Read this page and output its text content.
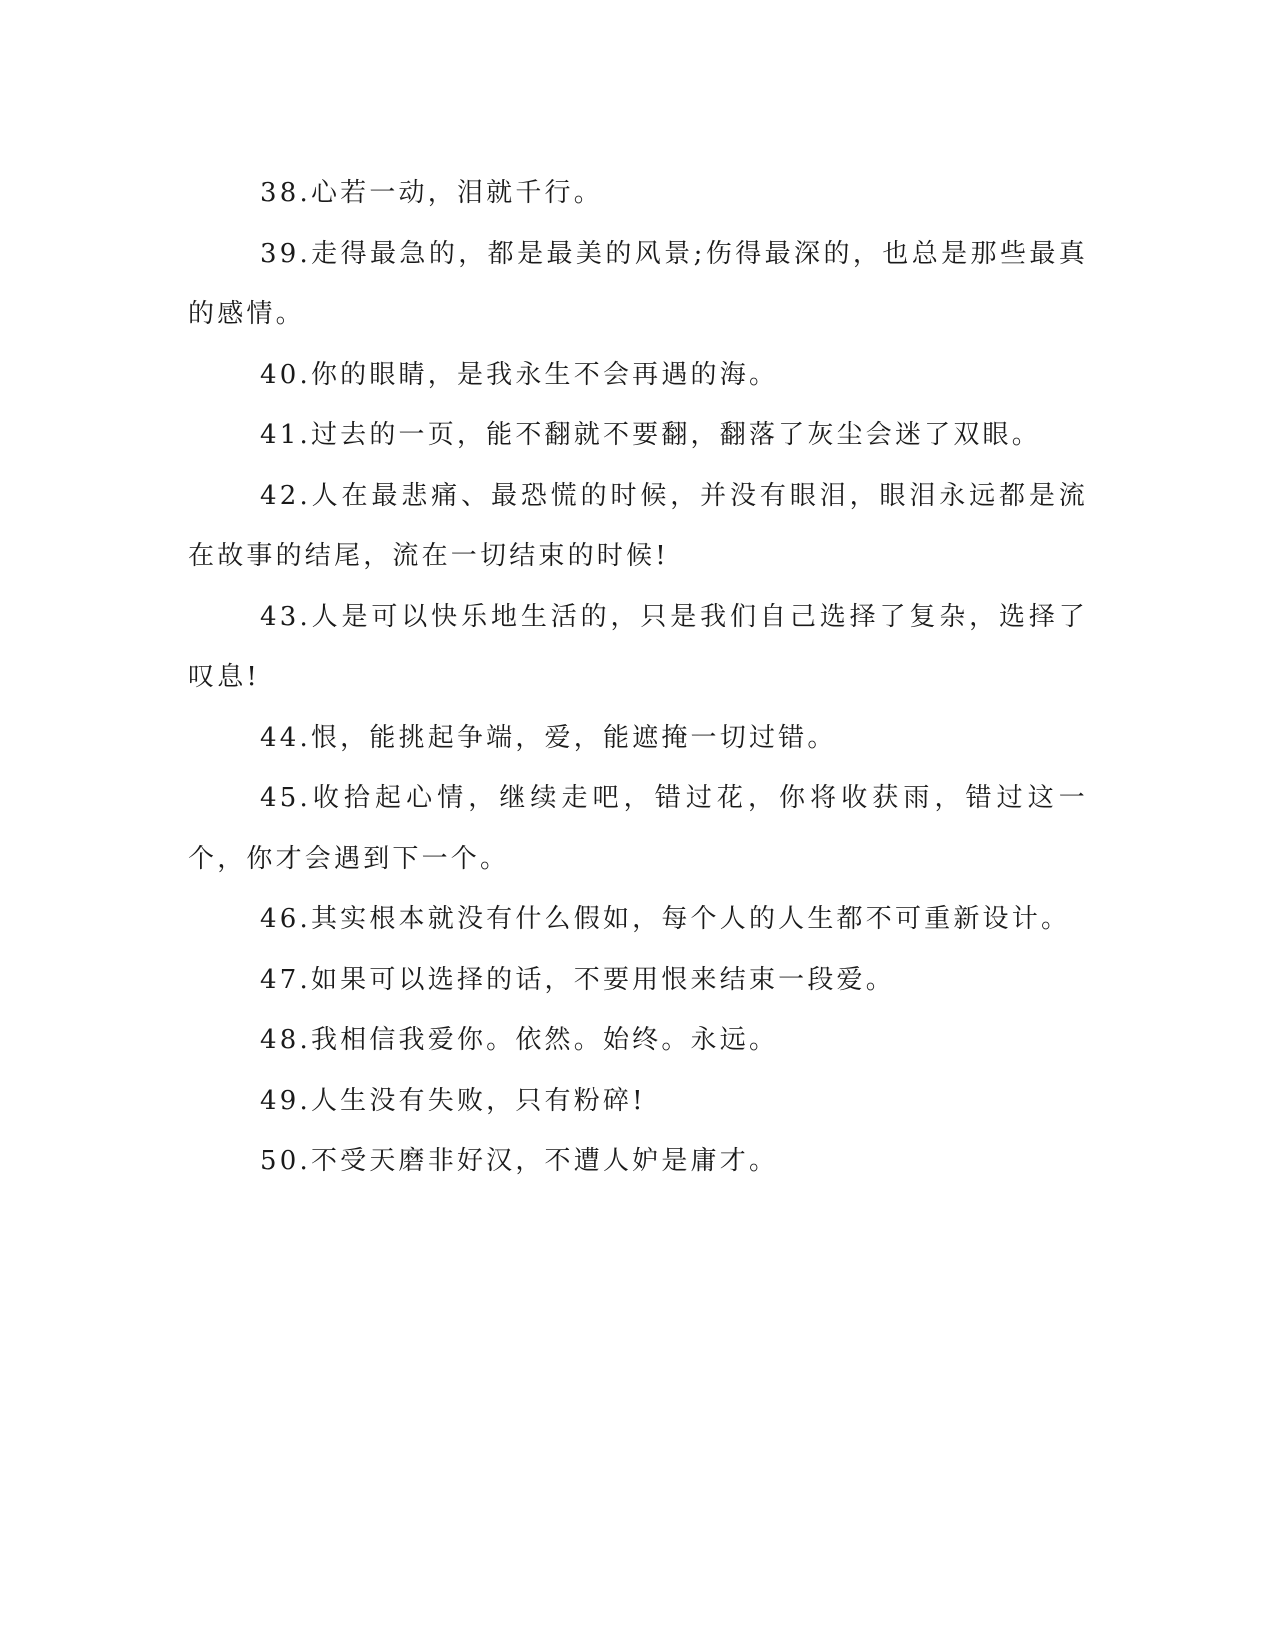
38.心若一动，泪就千行。

39.走得最急的，都是最美的风景;伤得最深的，也总是那些最真的感情。

40.你的眼睛，是我永生不会再遇的海。

41.过去的一页，能不翻就不要翻，翻落了灰尘会迷了双眼。

42.人在最悲痛、最恐慌的时候，并没有眼泪，眼泪永远都是流在故事的结尾，流在一切结束的时候!

43.人是可以快乐地生活的，只是我们自己选择了复杂，选择了叹息!

44.恨，能挑起争端，爱，能遮掩一切过错。

45.收拾起心情，继续走吧，错过花，你将收获雨，错过这一个，你才会遇到下一个。

46.其实根本就没有什么假如，每个人的人生都不可重新设计。

47.如果可以选择的话，不要用恨来结束一段爱。

48.我相信我爱你。依然。始终。永远。

49.人生没有失败，只有粉碎!

50.不受天磨非好汉，不遭人妒是庸才。
